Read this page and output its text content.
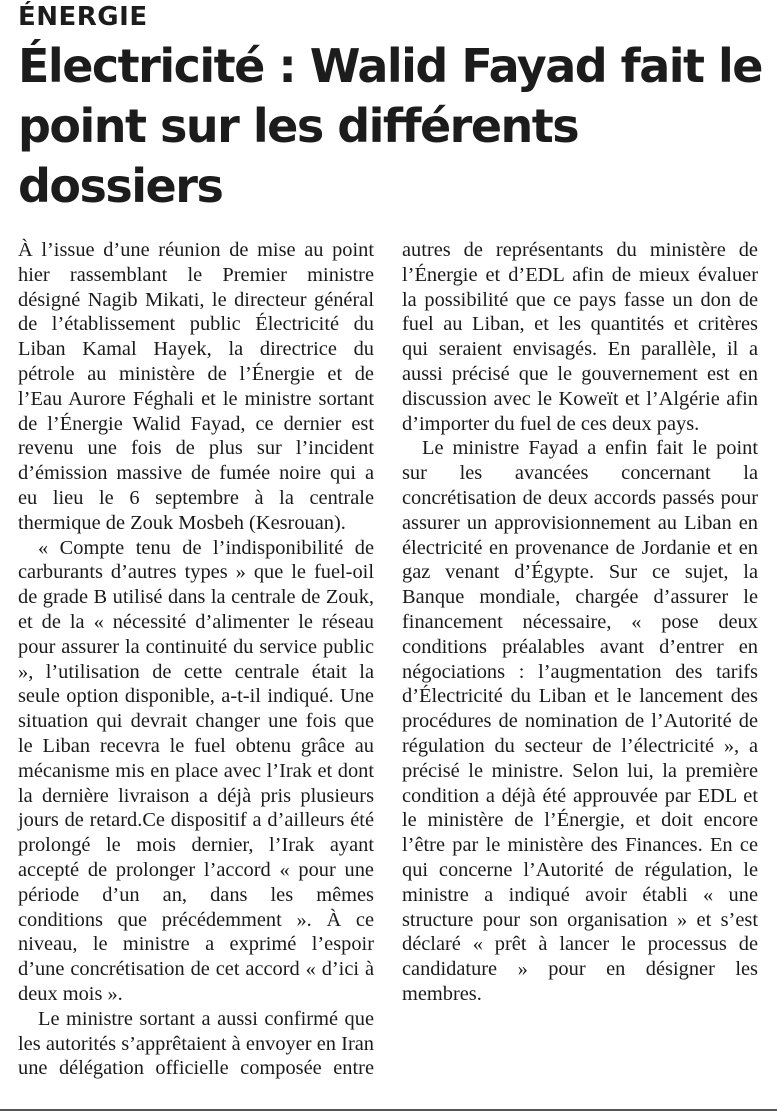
ÉNERGIE
Électricité : Walid Fayad fait le point sur les différents dossiers

À l’issue d’une réunion de mise au point hier rassemblant le Premier ministre désigné Nagib Mikati, le directeur général de l’établissement public Électricité du Liban Kamal Hayek, la directrice du pétrole au ministère de l’Énergie et de l’Eau Aurore Féghali et le ministre sortant de l’Énergie Walid Fayad, ce dernier est revenu une fois de plus sur l’incident d’émission massive de fumée noire qui a eu lieu le 6 septembre à la centrale thermique de Zouk Mosbeh (Kesrouan).

« Compte tenu de l’indisponibilité de carburants d’autres types » que le fuel-oil de grade B utilisé dans la centrale de Zouk, et de la « nécessité d’alimenter le réseau pour assurer la continuité du service public », l’utilisation de cette centrale était la seule option disponible, a-t-il indiqué. Une situation qui devrait changer une fois que le Liban recevra le fuel obtenu grâce au mécanisme mis en place avec l’Irak et dont la dernière livraison a déjà pris plusieurs jours de retard.Ce dispositif a d’ailleurs été prolongé le mois dernier, l’Irak ayant accepté de prolonger l’accord « pour une période d’un an, dans les mêmes conditions que précédemment ». À ce niveau, le ministre a exprimé l’espoir d’une concrétisation de cet accord « d’ici à deux mois ».

Le ministre sortant a aussi confirmé que les autorités s’apprêtaient à envoyer en Iran une délégation officielle composée entre autres de représentants du ministère de l’Énergie et d’EDL afin de mieux évaluer la possibilité que ce pays fasse un don de fuel au Liban, et les quantités et critères qui seraient envisagés. En parallèle, il a aussi précisé que le gouvernement est en discussion avec le Koweït et l’Algérie afin d’importer du fuel de ces deux pays.

Le ministre Fayad a enfin fait le point sur les avancées concernant la concrétisation de deux accords passés pour assurer un approvisionnement au Liban en électricité en provenance de Jordanie et en gaz venant d’Égypte. Sur ce sujet, la Banque mondiale, chargée d’assurer le financement nécessaire, « pose deux conditions préalables avant d’entrer en négociations : l’augmentation des tarifs d’Électricité du Liban et le lancement des procédures de nomination de l’Autorité de régulation du secteur de l’électricité », a précisé le ministre. Selon lui, la première condition a déjà été approuvée par EDL et le ministère de l’Énergie, et doit encore l’être par le ministère des Finances. En ce qui concerne l’Autorité de régulation, le ministre a indiqué avoir établi « une structure pour son organisation » et s’est déclaré « prêt à lancer le processus de candidature » pour en désigner les membres.
